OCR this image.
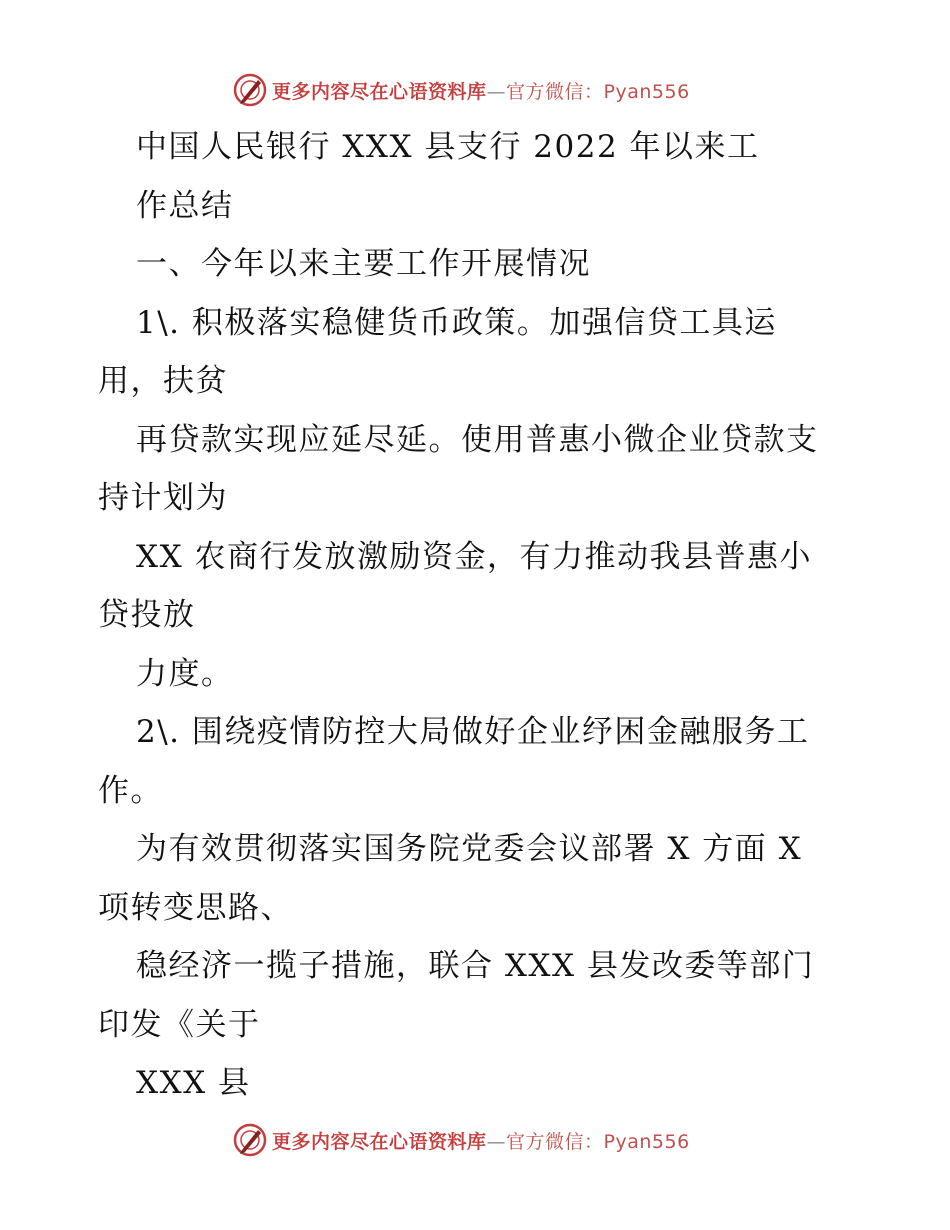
更多内容尽在心语资料库—官方微信：Pyan556
中国人民银行 XXX 县支行 2022 年以来工
作总结
一、今年以来主要工作开展情况
1\. 积极落实稳健货币政策。加强信贷工具运
用，扶贫
再贷款实现应延尽延。使用普惠小微企业贷款支
持计划为
XX 农商行发放激励资金，有力推动我县普惠小
贷投放
力度。
2\. 围绕疫情防控大局做好企业纾困金融服务工
作。
为有效贯彻落实国务院党委会议部署 X 方面 X
项转变思路、
稳经济一揽子措施，联合 XXX 县发改委等部门
印发《关于
XXX 县
更多内容尽在心语资料库—官方微信：Pyan556
